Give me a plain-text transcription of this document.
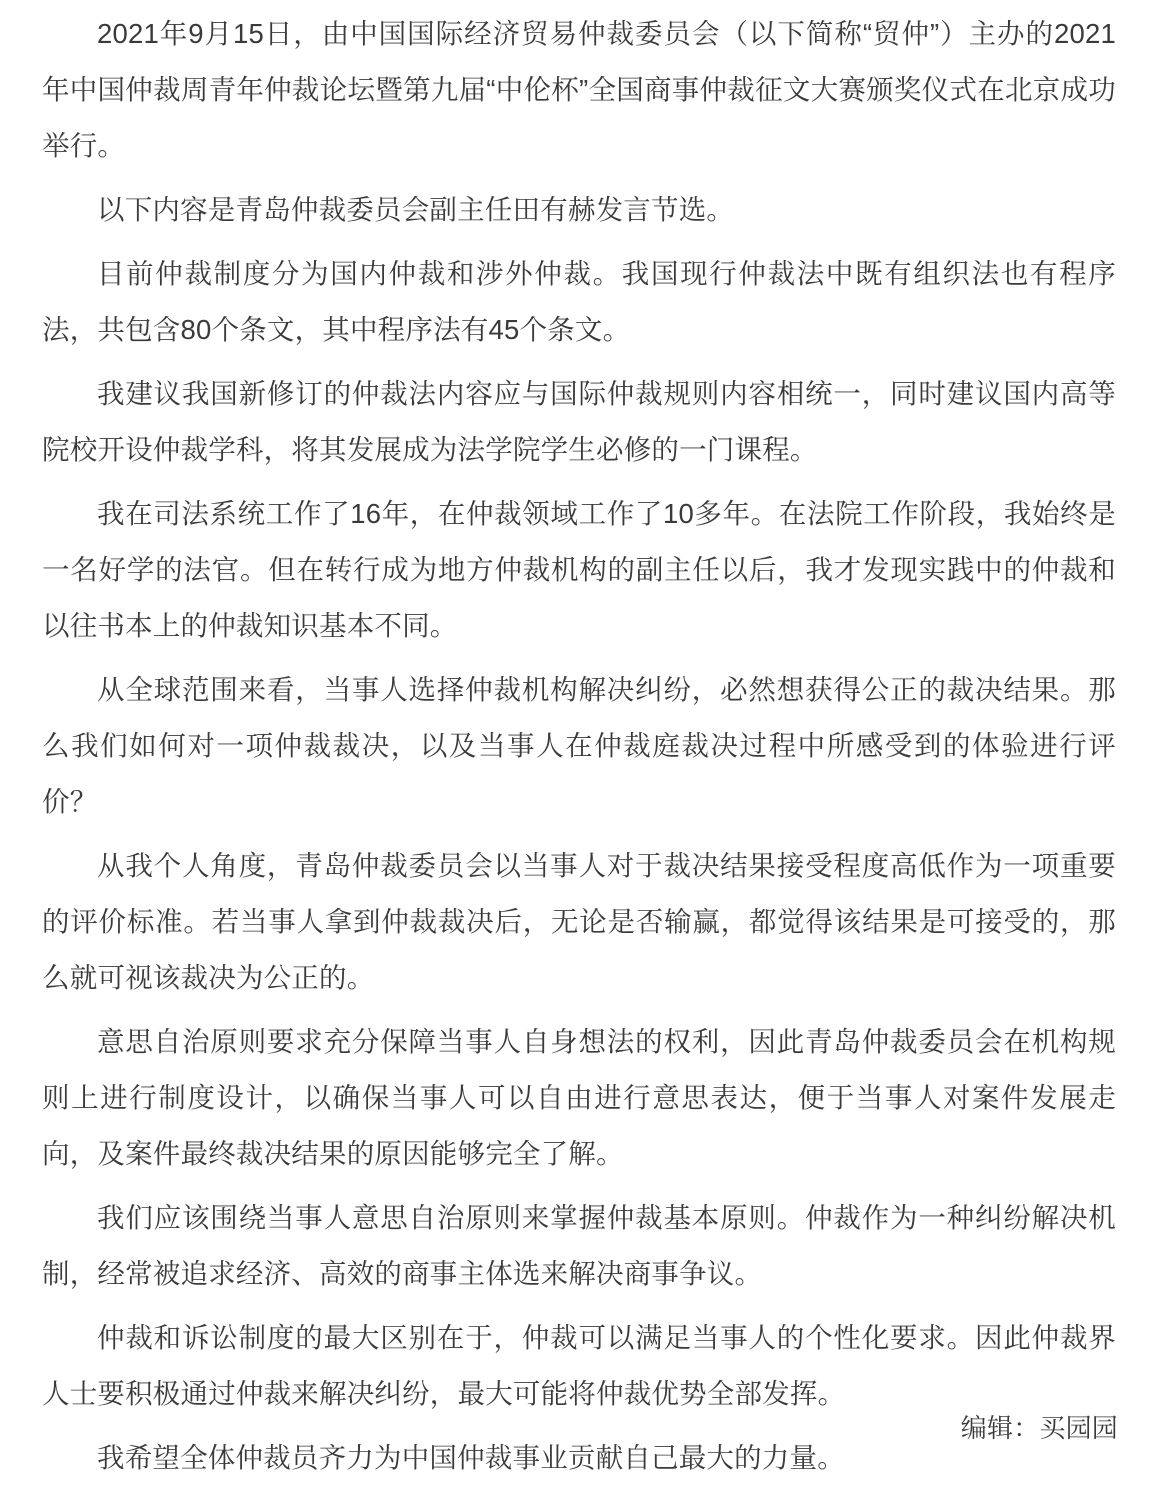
2021年9月15日，由中国国际经济贸易仲裁委员会（以下简称“贸仲”）主办的2021年中国仲裁周青年仲裁论坛暨第九届“中伦杯”全国商事仲裁征文大赛颁奖仪式在北京成功举行。

以下内容是青岛仲裁委员会副主任田有赫发言节选。

目前仲裁制度分为国内仲裁和涉外仲裁。我国现行仲裁法中既有组织法也有程序法，共包含80个条文，其中程序法有45个条文。

我建议我国新修订的仲裁法内容应与国际仲裁规则内容相统一，同时建议国内高等院校开设仲裁学科，将其发展成为法学院学生必修的一门课程。

我在司法系统工作了16年，在仲裁领域工作了10多年。在法院工作阶段，我始终是一名好学的法官。但在转行成为地方仲裁机构的副主任以后，我才发现实践中的仲裁和以往书本上的仲裁知识基本不同。

从全球范围来看，当事人选择仲裁机构解决纠纷，必然想获得公正的裁决结果。那么我们如何对一项仲裁裁决，以及当事人在仲裁庭裁决过程中所感受到的体验进行评价？

从我个人角度，青岛仲裁委员会以当事人对于裁决结果接受程度高低作为一项重要的评价标准。若当事人拿到仲裁裁决后，无论是否输赢，都觉得该结果是可接受的，那么就可视该裁决为公正的。

意思自治原则要求充分保障当事人自身想法的权利，因此青岛仲裁委员会在机构规则上进行制度设计，以确保当事人可以自由进行意思表达，便于当事人对案件发展走向，及案件最终裁决结果的原因能够完全了解。

我们应该围绕当事人意思自治原则来掌握仲裁基本原则。仲裁作为一种纠纷解决机制，经常被追求经济、高效的商事主体选来解决商事争议。

仲裁和诉讼制度的最大区别在于，仲裁可以满足当事人的个性化要求。因此仲裁界人士要积极通过仲裁来解决纠纷，最大可能将仲裁优势全部发挥。

我希望全体仲裁员齐力为中国仲裁事业贡献自己最大的力量。

编辑：买园园
